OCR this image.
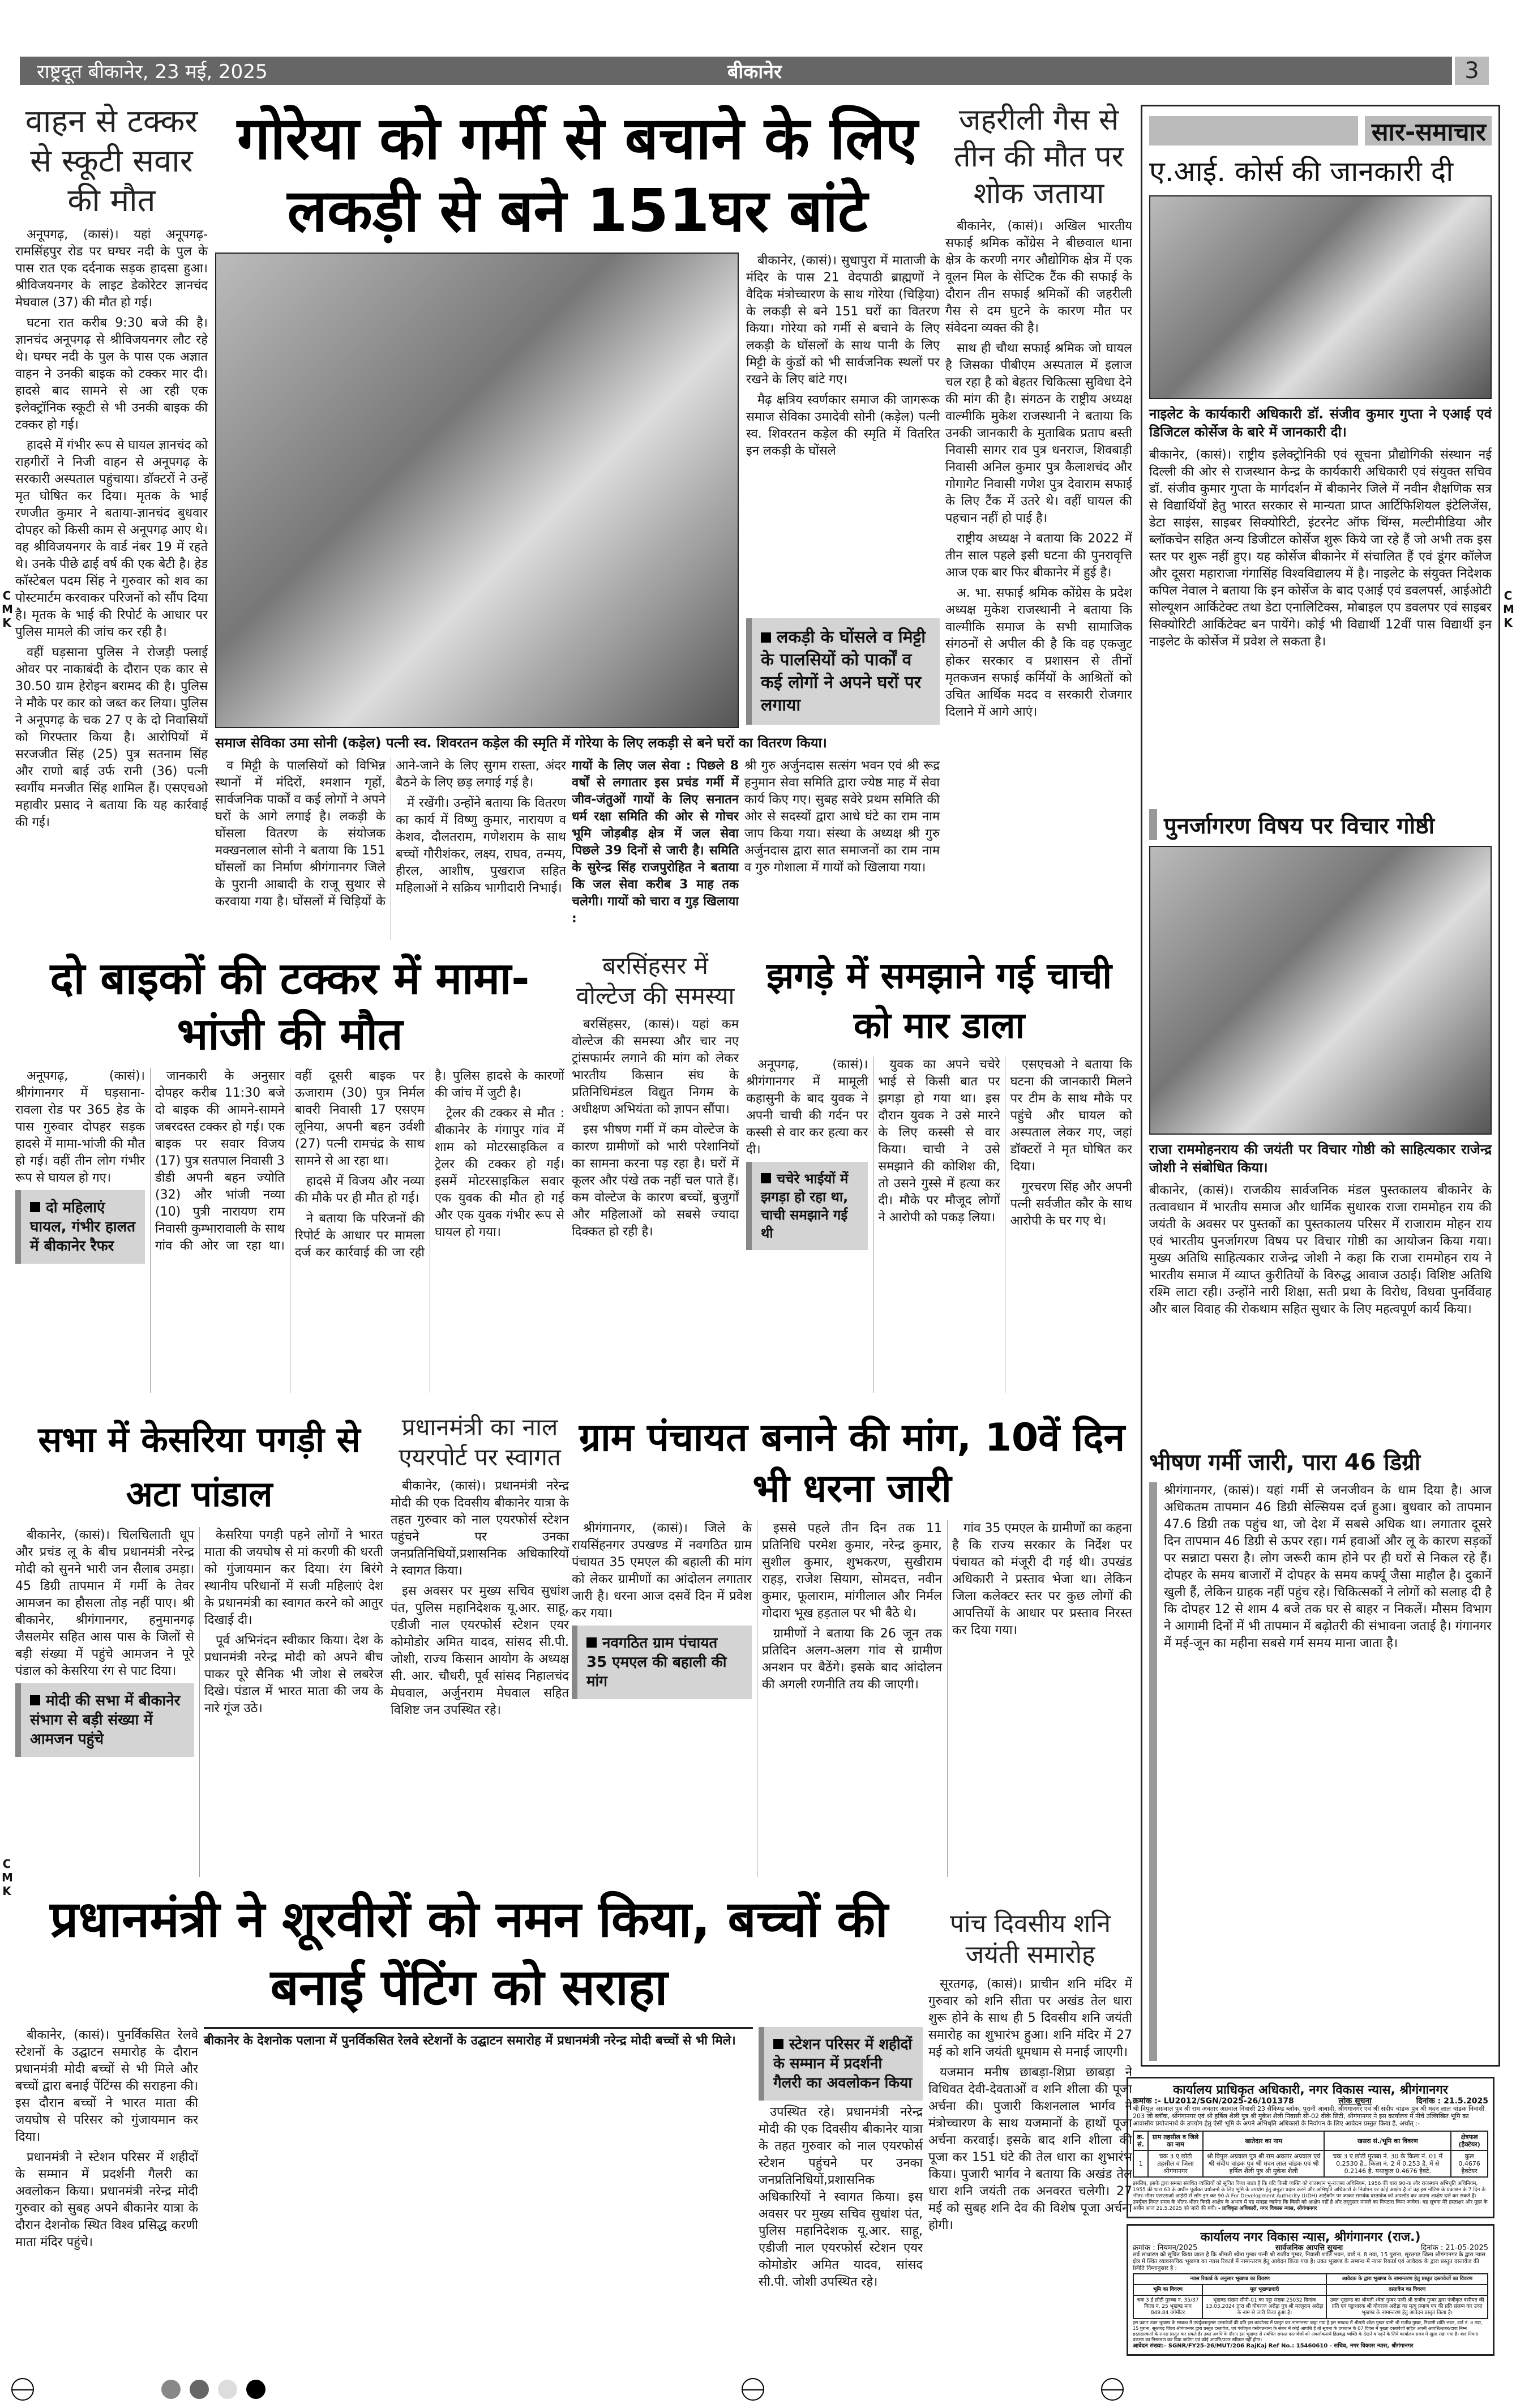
राष्ट्रदूत बीकानेर, 23 मई, 2025	बीकानेर	3
CMK
CMK
CMK
वाहन से टक्कर से स्कूटी सवार की मौत

अनूपगढ़, (कासं)। यहां अनूपगढ़-रामसिंहपुर रोड पर घग्घर नदी के पुल के पास रात एक दर्दनाक सड़क हादसा हुआ। श्रीविजयनगर के लाइट डेकोरेटर ज्ञानचंद मेघवाल (37) की मौत हो गई।

घटना रात करीब 9:30 बजे की है। ज्ञानचंद अनूपगढ़ से श्रीविजयनगर लौट रहे थे। घग्घर नदी के पुल के पास एक अज्ञात वाहन ने उनकी बाइक को टक्कर मार दी। हादसे बाद सामने से आ रही एक इलेक्ट्रॉनिक स्कूटी से भी उनकी बाइक की टक्कर हो गई।

हादसे में गंभीर रूप से घायल ज्ञानचंद को राहगीरों ने निजी वाहन से अनूपगढ़ के सरकारी अस्पताल पहुंचाया। डॉक्टरों ने उन्हें मृत घोषित कर दिया। मृतक के भाई रणजीत कुमार ने बताया-ज्ञानचंद बुधवार दोपहर को किसी काम से अनूपगढ़ आए थे। वह श्रीविजयनगर के वार्ड नंबर 19 में रहते थे। उनके पीछे ढाई वर्ष की एक बेटी है। हेड कॉस्टेबल पदम सिंह ने गुरुवार को शव का पोस्टमार्टम करवाकर परिजनों को सौंप दिया है। मृतक के भाई की रिपोर्ट के आधार पर पुलिस मामले की जांच कर रही है।

वहीं घड़साना पुलिस ने रोजड़ी फ्लाई ओवर पर नाकाबंदी के दौरान एक कार से 30.50 ग्राम हेरोइन बरामद की है। पुलिस ने मौके पर कार को जब्त कर लिया। पुलिस ने अनूपगढ़ के चक 27 ए के दो निवासियों को गिरफ्तार किया है। आरोपियों में सरजजीत सिंह (25) पुत्र सतनाम सिंह और राणो बाई उर्फ रानी (36) पत्नी स्वर्गीय मनजीत सिंह शामिल हैं। एसएचओ महावीर प्रसाद ने बताया कि यह कार्रवाई की गई।

गोरेया को गर्मी से बचाने के लिए लकड़ी से बने 151घर बांटे

बीकानेर, (कासं)। सुधापुरा में माताजी के मंदिर के पास 21 वेदपाठी ब्राह्मणों ने वैदिक मंत्रोच्चारण के साथ गोरेया (चिड़िया) के लकड़ी से बने 151 घरों का वितरण किया। गोरेया को गर्मी से बचाने के लिए लकड़ी के घोंसलों के साथ पानी के लिए मिट्टी के कुंडों को भी सार्वजनिक स्थलों पर रखने के लिए बांटे गए।

मैढ़ क्षत्रिय स्वर्णकार समाज की जागरूक समाज सेविका उमादेवी सोनी (कड़ेल) पत्नी स्व. शिवरतन कड़ेल की स्मृति में वितरित इन लकड़ी के घोंसले

लकड़ी के घोंसले व मिट्टी के पालसियों को पार्कों व कई लोगों ने अपने घरों पर लगाया
समाज सेविका उमा सोनी (कड़ेल) पत्नी स्व. शिवरतन कड़ेल की स्मृति में गोरेया के लिए लकड़ी से बने घरों का वितरण किया।

व मिट्टी के पालसियों को विभिन्न स्थानों में मंदिरों, श्मशान गृहों, सार्वजनिक पार्कों व कई लोगों ने अपने घरों के आगे लगाई है। लकड़ी के घोंसला वितरण के संयोजक मक्खनलाल सोनी ने बताया कि 151 घोंसलों का निर्माण श्रीगंगानगर जिले के पुरानी आबादी के राजू सुथार से करवाया गया है। घोंसलों में चिड़ियों के आने-जाने के लिए सुगम रास्ता, अंदर बैठने के लिए छड़ लगाई गई है।

में रखेंगी। उन्होंने बताया कि वितरण का कार्य में विष्णु कुमार, नारायण व केशव, दौलतराम, गणेशराम के साथ बच्चों गौरीशंकर, लक्ष्य, राघव, तन्मय, हीरल, आशीष, पुखराज सहित महिलाओं ने सक्रिय भागीदारी निभाई।

गायों के लिए जल सेवा : पिछले 8 वर्षों से लगातार इस प्रचंड गर्मी में जीव-जंतुओं गायों के लिए सनातन धर्म रक्षा समिति की ओर से गोचर भूमि जोड़बीड़ क्षेत्र में जल सेवा पिछले 39 दिनों से जारी है। समिति के सुरेन्द्र सिंह राजपुरोहित ने बताया कि जल सेवा करीब 3 माह तक चलेगी। गायों को चारा व गुड़ खिलाया :
श्री गुरु अर्जुनदास सत्संग भवन एवं श्री रूद्र हनुमान सेवा समिति द्वारा ज्येष्ठ माह में सेवा कार्य किए गए। सुबह सवेरे प्रथम समिति की ओर से सदस्यों द्वारा आधे घंटे का राम नाम जाप किया गया। संस्था के अध्यक्ष श्री गुरु अर्जुनदास द्वारा सात समाजनों का राम नाम व गुरु गोशाला में गायों को खिलाया गया।
जहरीली गैस से तीन की मौत पर शोक जताया

बीकानेर, (कासं)। अखिल भारतीय सफाई श्रमिक कोंग्रेस ने बीछवाल थाना क्षेत्र के करणी नगर औद्योगिक क्षेत्र में एक वूलन मिल के सेप्टिक टैंक की सफाई के दौरान तीन सफाई श्रमिकों की जहरीली गैस से दम घुटने के कारण मौत पर संवेदना व्यक्त की है।

साथ ही चौथा सफाई श्रमिक जो घायल है जिसका पीबीएम अस्पताल में इलाज चल रहा है को बेहतर चिकित्सा सुविधा देने की मांग की है। संगठन के राष्ट्रीय अध्यक्ष वाल्मीकि मुकेश राजस्थानी ने बताया कि उनकी जानकारी के मुताबिक प्रताप बस्ती निवासी सागर राव पुत्र धनराज, शिवबाड़ी निवासी अनिल कुमार पुत्र कैलाशचंद और गोगागेट निवासी गणेश पुत्र देवाराम सफाई के लिए टैंक में उतरे थे। वहीं घायल की पहचान नहीं हो पाई है।

राष्ट्रीय अध्यक्ष ने बताया कि 2022 में तीन साल पहले इसी घटना की पुनरावृत्ति आज एक बार फिर बीकानेर में हुई है।

अ. भा. सफाई श्रमिक कोंग्रेस के प्रदेश अध्यक्ष मुकेश राजस्थानी ने बताया कि वाल्मीकि समाज के सभी सामाजिक संगठनों से अपील की है कि वह एकजुट होकर सरकार व प्रशासन से तीनों मृतकजन सफाई कर्मियों के आश्रितों को उचित आर्थिक मदद व सरकारी रोजगार दिलाने में आगे आएं।

सार-समाचार
ए.आई. कोर्स की जानकारी दी
नाइलेट के कार्यकारी अधिकारी डॉ. संजीव कुमार गुप्ता ने एआई एवं डिजिटल कोर्सेज के बारे में जानकारी दी।
बीकानेर, (कासं)। राष्ट्रीय इलेक्ट्रोनिकी एवं सूचना प्रौद्योगिकी संस्थान नई दिल्ली की ओर से राजस्थान केन्द्र के कार्यकारी अधिकारी एवं संयुक्त सचिव डॉ. संजीव कुमार गुप्ता के मार्गदर्शन में बीकानेर जिले में नवीन शैक्षणिक सत्र से विद्यार्थियों हेतु भारत सरकार से मान्यता प्राप्त आर्टिफिशियल इंटेलिजेंस, डेटा साइंस, साइबर सिक्योरिटी, इंटरनेट ऑफ थिंग्स, मल्टीमीडिया और ब्लॉकचेन सहित अन्य डिजीटल कोर्सेज शुरू किये जा रहे हैं जो अभी तक इस स्तर पर शुरू नहीं हुए। यह कोर्सेज बीकानेर में संचालित हैं एवं डूंगर कॉलेज और दूसरा महाराजा गंगासिंह विश्वविद्यालय में है। नाइलेट के संयुक्त निदेशक कपिल नेवाल ने बताया कि इन कोर्सेज के बाद एआई एवं डवलपर्स, आईओटी सोल्यूशन आर्किटेक्ट तथा डेटा एनालिटिक्स, मोबाइल एप डवलपर एवं साइबर सिक्योरिटी आर्किटेक्ट बन पायेंगे। कोई भी विद्यार्थी 12वीं पास विद्यार्थी इन नाइलेट के कोर्सेज में प्रवेश ले सकता है।
पुनर्जागरण विषय पर विचार गोष्ठी
राजा राममोहनराय की जयंती पर विचार गोष्ठी को साहित्यकार राजेन्द्र जोशी ने संबोधित किया।
बीकानेर, (कासं)। राजकीय सार्वजनिक मंडल पुस्तकालय बीकानेर के तत्वावधान में भारतीय समाज और धार्मिक सुधारक राजा राममोहन राय की जयंती के अवसर पर पुस्तकों का पुस्तकालय परिसर में राजाराम मोहन राय एवं भारतीय पुनर्जागरण विषय पर विचार गोष्ठी का आयोजन किया गया। मुख्य अतिथि साहित्यकार राजेन्द्र जोशी ने कहा कि राजा राममोहन राय ने भारतीय समाज में व्याप्त कुरीतियों के विरुद्ध आवाज उठाई। विशिष्ट अतिथि रश्मि लाटा रही। उन्होंने नारी शिक्षा, सती प्रथा के विरोध, विधवा पुनर्विवाह और बाल विवाह की रोकथाम सहित सुधार के लिए महत्वपूर्ण कार्य किया।
भीषण गर्मी जारी, पारा 46 डिग्री
श्रीगंगानगर, (कासं)। यहां गर्मी से जनजीवन के धाम दिया है। आज अधिकतम तापमान 46 डिग्री सेल्सियस दर्ज हुआ। बुधवार को तापमान 47.6 डिग्री तक पहुंच था, जो देश में सबसे अधिक था। लगातार दूसरे दिन तापमान 46 डिग्री से ऊपर रहा। गर्म हवाओं और लू के कारण सड़कों पर सन्नाटा पसरा है। लोग जरूरी काम होने पर ही घरों से निकल रहे हैं। दोपहर के समय बाजारों में दोपहर के समय कर्फ्यू जैसा माहौल है। दुकानें खुली हैं, लेकिन ग्राहक नहीं पहुंच रहे। चिकित्सकों ने लोगों को सलाह दी है कि दोपहर 12 से शाम 4 बजे तक घर से बाहर न निकलें। मौसम विभाग ने आगामी दिनों में भी तापमान में बढ़ोतरी की संभावना जताई है। गंगानगर में मई-जून का महीना सबसे गर्म समय माना जाता है।
कार्यालय प्राधिकृत अधिकारी, नगर विकास न्यास, श्रीगंगानगर
क्रमांक :- LU2012/SGN/2025-26/101378	लोक सूचना	दिनांक : 21.5.2025
श्री विपुल अग्रवाल पुत्र श्री राम अवतार अग्रवाल निवासी 23 सैकिण्ड ब्लॉक, पुरानी आबादी, श्रीगंगानगर एवं श्री संदीप चांडक पुत्र श्री मदन लाल चांडक निवासी 203 जी ब्लॉक, श्रीगंगानगर एवं श्री हर्षिल शैली पुत्र श्री मुकेश शैली निवासी सी-02 वीके सिटी, श्रीगंगानगर ने इस कार्यालय में नीचे उल्लिखित भूमि का आवासीय प्रयोजनार्थ के उपयोग हेतु ऐसी भूमि के अपने अभिधृति अधिकारों के निर्वापन के लिए आवेदन प्रस्तुत किया है, अर्थात् :-
क्र. सं.	ग्राम तहसील व जिले का नाम	खातेदार का नाम	खसरा सं./भूमि का विवरण	क्षेत्रफल (हैक्टेयर)
1	चक 3 ए छोटी तहसील व जिला श्रीगंगानगर	श्री विपुल अग्रवाल पुत्र श्री राम अवतार अग्रवाल एवं श्री संदीप चांडक पुत्र श्री मदन लाल चांडक एवं श्री हर्षिल शैली पुत्र श्री मुकेश शैली	चक 3 ए छोटी मुरब्बा नं. 30 के किला नं. 01 में 0.2530 है., किला नं. 2 में 0.253 है. में से 0.2146 है. यथाकुल 0.4676 हैक्टे.	कुल 0.4676 हैक्टेयर
इसलिए, इसके द्वारा समस्त संबंधित व्यक्तियों को सूचित किया जाता है कि यदि किसी व्यक्ति को राजस्थान भू-राजस्व अधिनियम, 1956 की धारा 90-क और राजस्थान अभिधृति अधिनियम, 1955 की धारा 63 के अधीन पूर्वोक्त प्रयोजनों के लिए भूमि के उपयोग हेतु अनुज्ञा प्रदान करने और अभिधृति अधिकारों के निर्वापन पर कोई आक्षेप है तो वह इस नोटिस के प्रकाशन के 7 दिन के भीतर-भीतर एसएसओ आईडी से लॉग इन कर 90-A For Development Authority (UDH) आईकॉन पर जाकर समर्थक दस्तावेज को अपलोड कर अपना आक्षेप दर्ज कर सकते हैं। उपर्युक्त नियत समय के भीतर-भीतर किसी आक्षेप के अभाव में यह समझा जायेगा कि किसी को आक्षेप नहीं है और तद्नुसार मामले का निपटारा किया जायेगा। यह सूचना मेरे हस्ताक्षर और मुहर के अधीन आज 21.5.2025 को जारी की गयी। - प्राधिकृत अधिकारी, नगर विकास न्यास, श्रीगंगानगर
कार्यालय नगर विकास न्यास, श्रीगंगानगर (राज.)
क्रमांक : नियमन/2025	सार्वजनिक आपत्ति सूचना	दिनांक : 21-05-2025
सर्व साधारण को सूचित किया जाता है कि श्रीमती श्वेता गुम्बर पत्नी श्री राजीव गुम्बर, निवासी शांति भवन, वार्ड नं. 8 नया, 15 पुराना, सूरतगढ़ जिला श्रीगंगानगर के द्वारा न्यास क्षेत्र में स्थित व्यावसायिक भूखण्ड का न्यास रिकार्ड में नामान्तरण हेतु आवेदन किया गया है। उक्त भूखण्ड के सम्बन्ध में न्यास रिकार्ड एवं आवेदक के द्वारा प्रस्तुत दस्तावेज की स्थिति निम्नानुसार है :
न्यास रिकार्ड के अनुसार भूखण्ड का विवरण		आवेदक के द्वारा भूखण्ड के नामान्तरण हेतु प्रस्तुत दस्तावेजों का विवरण
भूमि का विवरण	मूल भूखण्डधारी	दस्तावेज का विवरण
चक 3 ई छोटी मुरब्बा नं. 35/37 किला नं. 25 भूखण्ड माप 849.84 वर्गमीटर	भूखण्ड संख्या सीपी-01 का पट्टा संख्या 25032 दिनांक 13.03.2024 द्वारा श्री योगराज अरोड़ा पुत्र श्री मल्लूराम अरोड़ा के नाम से जारी किया हुआ है।	उक्त भूखण्ड का श्रीमती श्वेता गुम्बर पत्नी श्री राजीव गुम्बर द्वारा पंजीकृत वसीयत की प्रति एवं पट्टाधारक श्री योगराज अरोड़ा का मृत्यु प्रमाण पत्र की प्रति संलग्न कर उक्त भूखण्ड के नामान्तरण हेतु आवेदन प्रस्तुत किया है।
इस प्रकार उक्त भूखण्ड के सम्बन्ध में उपर्युक्तानुसार दस्तावेजों की प्रति इस कार्यालय में प्रस्तुत कर नामान्तरण चाहा गया है इस सम्बन्ध में श्रीमती श्वेता गुम्बर पत्नी श्री राजीव गुम्बर, निवासी शांति भवन, वार्ड नं. 8 नया, 15 पुराना, सूरतगढ़ जिला श्रीगंगानगर द्वारा प्रस्तुत दस्तावेज, एवं पंजीकृत वसीयतनामा के संबंध में कोई आपत्ति है तो सूचना के प्रकाशन के 07 दिवस में पुख्ता दस्तावेजों सहित अपनी आपत्ति/उजर/दावा निम्न हस्ताक्षरकर्ता के समक्ष प्रस्तुत कर सकते हैं। उक्त अवधि के दौरान इस भूखण्ड से संबंधित समस्त दस्तावेजों को अवलोकनार्थ हितबद्ध व्यक्ति के देखने व पढ़ने के लिये कार्यालय समय में खुला रखा गया है। बाद मियाद प्रकरण का निस्तारण कर दिया जावेगा एवं कोई आपत्ति/उजर स्वीकार नहीं होगा।
आवेदन संख्या:- SGNR/FY25-26/MUT/206 RajKaj Ref No.: 15460610 - सचिव, नगर विकास न्यास, श्रीगंगानगर
दो बाइकों की टक्कर में मामा-भांजी की मौत

अनूपगढ़, (कासं)। श्रीगंगानगर में घड़साना-रावला रोड पर 365 हेड के पास गुरुवार दोपहर सड़क हादसे में मामा-भांजी की मौत हो गई। वहीं तीन लोग गंभीर रूप से घायल हो गए।

दो महिलाएं घायल, गंभीर हालत में बीकानेर रैफर

जानकारी के अनुसार दोपहर करीब 11:30 बजे दो बाइक की आमने-सामने जबरदस्त टक्कर हो गई। एक बाइक पर सवार विजय (17) पुत्र सतपाल निवासी 3 डीडी अपनी बहन ज्योति (32) और भांजी नव्या (10) पुत्री नारायण राम निवासी कुम्भारावाली के साथ गांव की ओर जा रहा था। वहीं दूसरी बाइक पर ऊजाराम (30) पुत्र निर्मल बावरी निवासी 17 एसएम लूनिया, अपनी बहन उर्वशी (27) पत्नी रामचंद्र के साथ सामने से आ रहा था।

हादसे में विजय और नव्या की मौके पर ही मौत हो गई।

ने बताया कि परिजनों की रिपोर्ट के आधार पर मामला दर्ज कर कार्रवाई की जा रही है। पुलिस हादसे के कारणों की जांच में जुटी है।

ट्रेलर की टक्कर से मौत : बीकानेर के गंगापुर गांव में शाम को मोटरसाइकिल व ट्रेलर की टक्कर हो गई। इसमें मोटरसाइकिल सवार एक युवक की मौत हो गई और एक युवक गंभीर रूप से घायल हो गया।

बरसिंहसर में वोल्टेज की समस्या

बरसिंहसर, (कासं)। यहां कम वोल्टेज की समस्या और चार नए ट्रांसफार्मर लगाने की मांग को लेकर भारतीय किसान संघ के प्रतिनिधिमंडल विद्युत निगम के अधीक्षण अभियंता को ज्ञापन सौंपा।

इस भीषण गर्मी में कम वोल्टेज के कारण ग्रामीणों को भारी परेशानियों का सामना करना पड़ रहा है। घरों में कूलर और पंखे तक नहीं चल पाते हैं। कम वोल्टेज के कारण बच्चों, बुजुर्गों और महिलाओं को सबसे ज्यादा दिक्कत हो रही है।

झगड़े में समझाने गई चाची को मार डाला

अनूपगढ़, (कासं)। श्रीगंगानगर में मामूली कहासुनी के बाद युवक ने अपनी चाची की गर्दन पर कस्सी से वार कर हत्या कर दी।

चचेरे भाईयों में झगड़ा हो रहा था, चाची समझाने गई थी

युवक का अपने चचेरे भाई से किसी बात पर झगड़ा हो गया था। इस दौरान युवक ने उसे मारने के लिए कस्सी से वार किया। चाची ने उसे समझाने की कोशिश की, तो उसने गुस्से में हत्या कर दी। मौके पर मौजूद लोगों ने आरोपी को पकड़ लिया।

एसएचओ ने बताया कि घटना की जानकारी मिलने पर टीम के साथ मौके पर पहुंचे और घायल को अस्पताल लेकर गए, जहां डॉक्टरों ने मृत घोषित कर दिया।

गुरचरण सिंह और अपनी पत्नी सर्वजीत कौर के साथ आरोपी के घर गए थे।

सभा में केसरिया पगड़ी से अटा पांडाल

बीकानेर, (कासं)। चिलचिलाती धूप और प्रचंड लू के बीच प्रधानमंत्री नरेन्द्र मोदी को सुनने भारी जन सैलाब उमड़ा। 45 डिग्री तापमान में गर्मी के तेवर आमजन का हौसला तोड़ नहीं पाए। श्री बीकानेर, श्रीगंगानगर, हनुमानगढ़ जैसलमेर सहित आस पास के जिलों से बड़ी संख्या में पहुंचे आमजन ने पूरे पंडाल को केसरिया रंग से पाट दिया।

मोदी की सभा में बीकानेर संभाग से बड़ी संख्या में आमजन पहुंचे

केसरिया पगड़ी पहने लोगों ने भारत माता की जयघोष से मां करणी की धरती को गुंजायमान कर दिया। रंग बिरंगे स्थानीय परिधानों में सजी महिलाएं देश के प्रधानमंत्री का स्वागत करने को आतुर दिखाई दी।

पूर्व अभिनंदन स्वीकार किया। देश के प्रधानमंत्री नरेन्द्र मोदी को अपने बीच पाकर पूरे सैनिक भी जोश से लबरेज दिखे। पंडाल में भारत माता की जय के नारे गूंज उठे।

प्रधानमंत्री का नाल एयरपोर्ट पर स्वागत

बीकानेर, (कासं)। प्रधानमंत्री नरेन्द्र मोदी की एक दिवसीय बीकानेर यात्रा के तहत गुरुवार को नाल एयरफोर्स स्टेशन पहुंचने पर उनका जनप्रतिनिधियों,प्रशासनिक अधिकारियों ने स्वागत किया।

इस अवसर पर मुख्य सचिव सुधांश पंत, पुलिस महानिदेशक यू.आर. साहू, एडीजी नाल एयरफोर्स स्टेशन एयर कोमोडोर अमित यादव, सांसद सी.पी. जोशी, राज्य किसान आयोग के अध्यक्ष सी. आर. चौधरी, पूर्व सांसद निहालचंद मेघवाल, अर्जुनराम मेघवाल सहित विशिष्ट जन उपस्थित रहे।

ग्राम पंचायत बनाने की मांग, 10वें दिन भी धरना जारी

श्रीगंगानगर, (कासं)। जिले के रायसिंहनगर उपखण्ड में नवगठित ग्राम पंचायत 35 एमएल की बहाली की मांग को लेकर ग्रामीणों का आंदोलन लगातार जारी है। धरना आज दसवें दिन में प्रवेश कर गया।

नवगठित ग्राम पंचायत 35 एमएल की बहाली की मांग

इससे पहले तीन दिन तक 11 प्रतिनिधि परमेश कुमार, नरेन्द्र कुमार, सुशील कुमार, शुभकरण, सुखीराम राहड़, राजेश सियाग, सोमदत्त, नवीन कुमार, फूलाराम, मांगीलाल और निर्मल गोदारा भूख हड़ताल पर भी बैठे थे।

ग्रामीणों ने बताया कि 26 जून तक प्रतिदिन अलग-अलग गांव से ग्रामीण अनशन पर बैठेंगे। इसके बाद आंदोलन की अगली रणनीति तय की जाएगी।

गांव 35 एमएल के ग्रामीणों का कहना है कि राज्य सरकार के निर्देश पर पंचायत को मंजूरी दी गई थी। उपखंड अधिकारी ने प्रस्ताव भेजा था। लेकिन जिला कलेक्टर स्तर पर कुछ लोगों की आपत्तियों के आधार पर प्रस्ताव निरस्त कर दिया गया।

प्रधानमंत्री ने शूरवीरों को नमन किया, बच्चों की बनाई पेंटिंग को सराहा

बीकानेर, (कासं)। पुनर्विकसित रेलवे स्टेशनों के उद्घाटन समारोह के दौरान प्रधानमंत्री मोदी बच्चों से भी मिले और बच्चों द्वारा बनाई पेंटिंग्स की सराहना की। इस दौरान बच्चों ने भारत माता की जयघोष से परिसर को गुंजायमान कर दिया।

प्रधानमंत्री ने स्टेशन परिसर में शहीदों के सम्मान में प्रदर्शनी गैलरी का अवलोकन किया। प्रधानमंत्री नरेन्द्र मोदी गुरुवार को सुबह अपने बीकानेर यात्रा के दौरान देशनोक स्थित विश्व प्रसिद्ध करणी माता मंदिर पहुंचे।

बीकानेर के देशनोक पलाना में पुनर्विकसित रेलवे स्टेशनों के उद्घाटन समारोह में प्रधानमंत्री नरेन्द्र मोदी बच्चों से भी मिले।	स्टेशन परिसर में शहीदों के सम्मान में प्रदर्शनी गैलरी का अवलोकन किया

उपस्थित रहे। प्रधानमंत्री नरेन्द्र मोदी की एक दिवसीय बीकानेर यात्रा के तहत गुरुवार को नाल एयरफोर्स स्टेशन पहुंचने पर उनका जनप्रतिनिधियों,प्रशासनिक अधिकारियों ने स्वागत किया। इस अवसर पर मुख्य सचिव सुधांश पंत, पुलिस महानिदेशक यू.आर. साहू, एडीजी नाल एयरफोर्स स्टेशन एयर कोमोडोर अमित यादव, सांसद सी.पी. जोशी उपस्थित रहे।

पांच दिवसीय शनि जयंती समारोह

सूरतगढ़, (कासं)। प्राचीन शनि मंदिर में गुरुवार को शनि सीता पर अखंड तेल धारा शुरू होने के साथ ही 5 दिवसीय शनि जयंती समारोह का शुभारंभ हुआ। शनि मंदिर में 27 मई को शनि जयंती धूमधाम से मनाई जाएगी।

यजमान मनीष छाबड़ा-शिप्रा छाबड़ा ने विधिवत देवी-देवताओं व शनि शीला की पूजा अर्चना की। पुजारी किशनलाल भार्गव ने मंत्रोच्चारण के साथ यजमानों के हाथों पूजा अर्चना करवाई। इसके बाद शनि शीला की पूजा कर 151 घंटे की तेल धारा का शुभारंभ किया। पुजारी भार्गव ने बताया कि अखंड तेल धारा शनि जयंती तक अनवरत चलेगी। 27 मई को सुबह शनि देव की विशेष पूजा अर्चना होगी।
